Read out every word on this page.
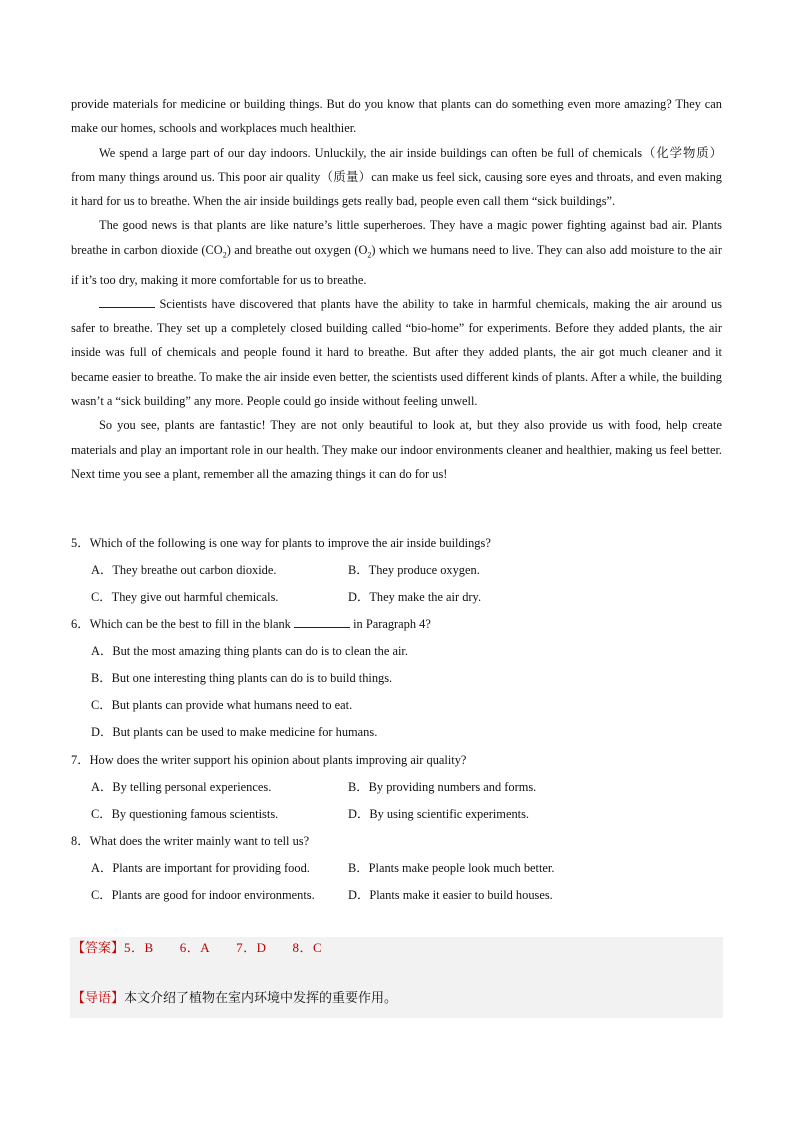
provide materials for medicine or building things. But do you know that plants can do something even more amazing? They can make our homes, schools and workplaces much healthier.

We spend a large part of our day indoors. Unluckily, the air inside buildings can often be full of chemicals（化学物质）from many things around us. This poor air quality（质量）can make us feel sick, causing sore eyes and throats, and even making it hard for us to breathe. When the air inside buildings gets really bad, people even call them “sick buildings”.

The good news is that plants are like nature’s little superheroes. They have a magic power fighting against bad air. Plants breathe in carbon dioxide $(CO_2)$ and breathe out oxygen $(O_2)$ which we humans need to live. They can also add moisture to the air if it’s too dry, making it more comfortable for us to breathe.

Scientists have discovered that plants have the ability to take in harmful chemicals, making the air around us safer to breathe. They set up a completely closed building called “bio-home” for experiments. Before they added plants, the air inside was full of chemicals and people found it hard to breathe. But after they added plants, the air got much cleaner and it became easier to breathe. To make the air inside even better, the scientists used different kinds of plants. After a while, the building wasn’t a “sick building” any more. People could go inside without feeling unwell.

So you see, plants are fantastic! They are not only beautiful to look at, but they also provide us with food, help create materials and play an important role in our health. They make our indoor environments cleaner and healthier, making us feel better. Next time you see a plant, remember all the amazing things it can do for us!

5．Which of the following is one way for plants to improve the air inside buildings?

A．They breathe out carbon dioxide.	B．They produce oxygen.
C．They give out harmful chemicals.	D．They make the air dry.

6．Which can be the best to fill in the blank	in Paragraph 4?

A．But the most amazing thing plants can do is to clean the air.
B．But one interesting thing plants can do is to build things.
C．But plants can provide what humans need to eat.
D．But plants can be used to make medicine for humans.

7．How does the writer support his opinion about plants improving air quality?

A．By telling personal experiences.	B．By providing numbers and forms.
C．By questioning famous scientists.	D．By using scientific experiments.

8．What does the writer mainly want to tell us?

A．Plants are important for providing food.	B．Plants make people look much better.
C．Plants are good for indoor environments.	D．Plants make it easier to build houses.
【答案】5．B 6．A 7．D 8．C
【导语】本文介绍了植物在室内环境中发挥的重要作用。
